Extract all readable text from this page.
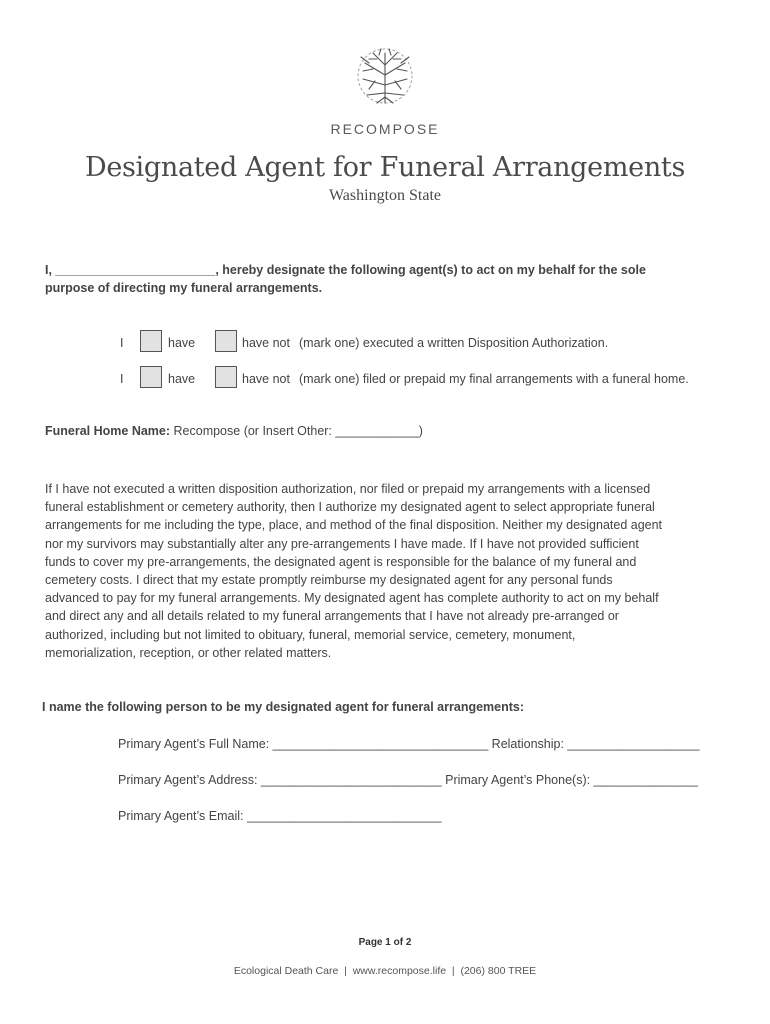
RECOMPOSE
Designated Agent for Funeral Arrangements
Washington State
I, _______________________, hereby designate the following agent(s) to act on my behalf for the sole
purpose of directing my funeral arrangements.
I	have	have not (mark one) executed a written Disposition Authorization.
I	have	have not (mark one) filed or prepaid my final arrangements with a funeral home.
Funeral Home Name: Recompose (or Insert Other: ____________)

If I have not executed a written disposition authorization, nor filed or prepaid my arrangements with a licensed

funeral establishment or cemetery authority, then I authorize my designated agent to select appropriate funeral

arrangements for me including the type, place, and method of the final disposition. Neither my designated agent

nor my survivors may substantially alter any pre-arrangements I have made. If I have not provided sufficient

funds to cover my pre-arrangements, the designated agent is responsible for the balance of my funeral and

cemetery costs. I direct that my estate promptly reimburse my designated agent for any personal funds

advanced to pay for my funeral arrangements. My designated agent has complete authority to act on my behalf

and direct any and all details related to my funeral arrangements that I have not already pre-arranged or

authorized, including but not limited to obituary, funeral, memorial service, cemetery, monument,

memorialization, reception, or other related matters.

I name the following person to be my designated agent for funeral arrangements:
Primary Agent’s Full Name: _______________________________ Relationship: ___________________
Primary Agent’s Address: __________________________ Primary Agent’s Phone(s): _______________
Primary Agent’s Email: ____________________________
Page 1 of 2
Ecological Death Care  |  www.recompose.life  |  (206) 800 TREE
